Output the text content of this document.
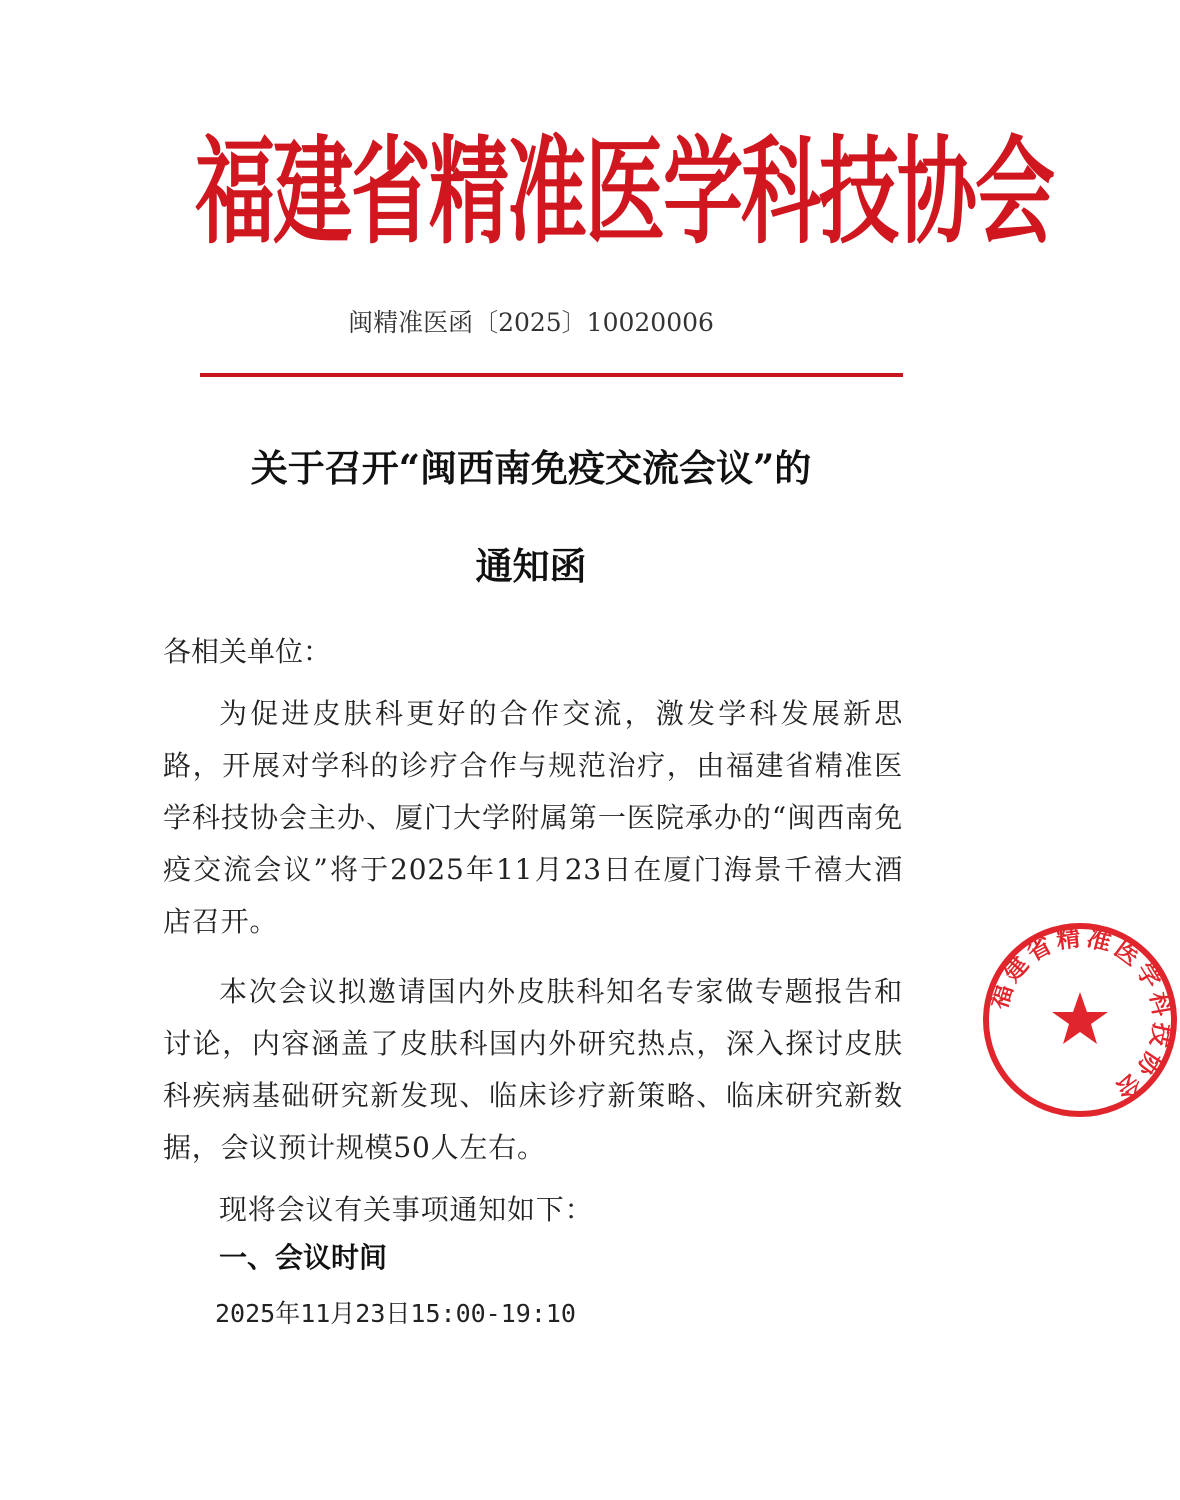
福建省精准医学科技协会
闽精准医函〔2025〕10020006
关于召开“闽西南免疫交流会议”的
通知函
各相关单位：
为促进皮肤科更好的合作交流，激发学科发展新思路，开展对学科的诊疗合作与规范治疗，由福建省精准医学科技协会主办、厦门大学附属第一医院承办的“闽西南免疫交流会议”将于2025年11月23日在厦门海景千禧大酒店召开。
本次会议拟邀请国内外皮肤科知名专家做专题报告和讨论，内容涵盖了皮肤科国内外研究热点，深入探讨皮肤科疾病基础研究新发现、临床诊疗新策略、临床研究新数据，会议预计规模50人左右。
现将会议有关事项通知如下：
一、会议时间
2025年11月23日15:00-19:10
福建省精准医学科技协会
